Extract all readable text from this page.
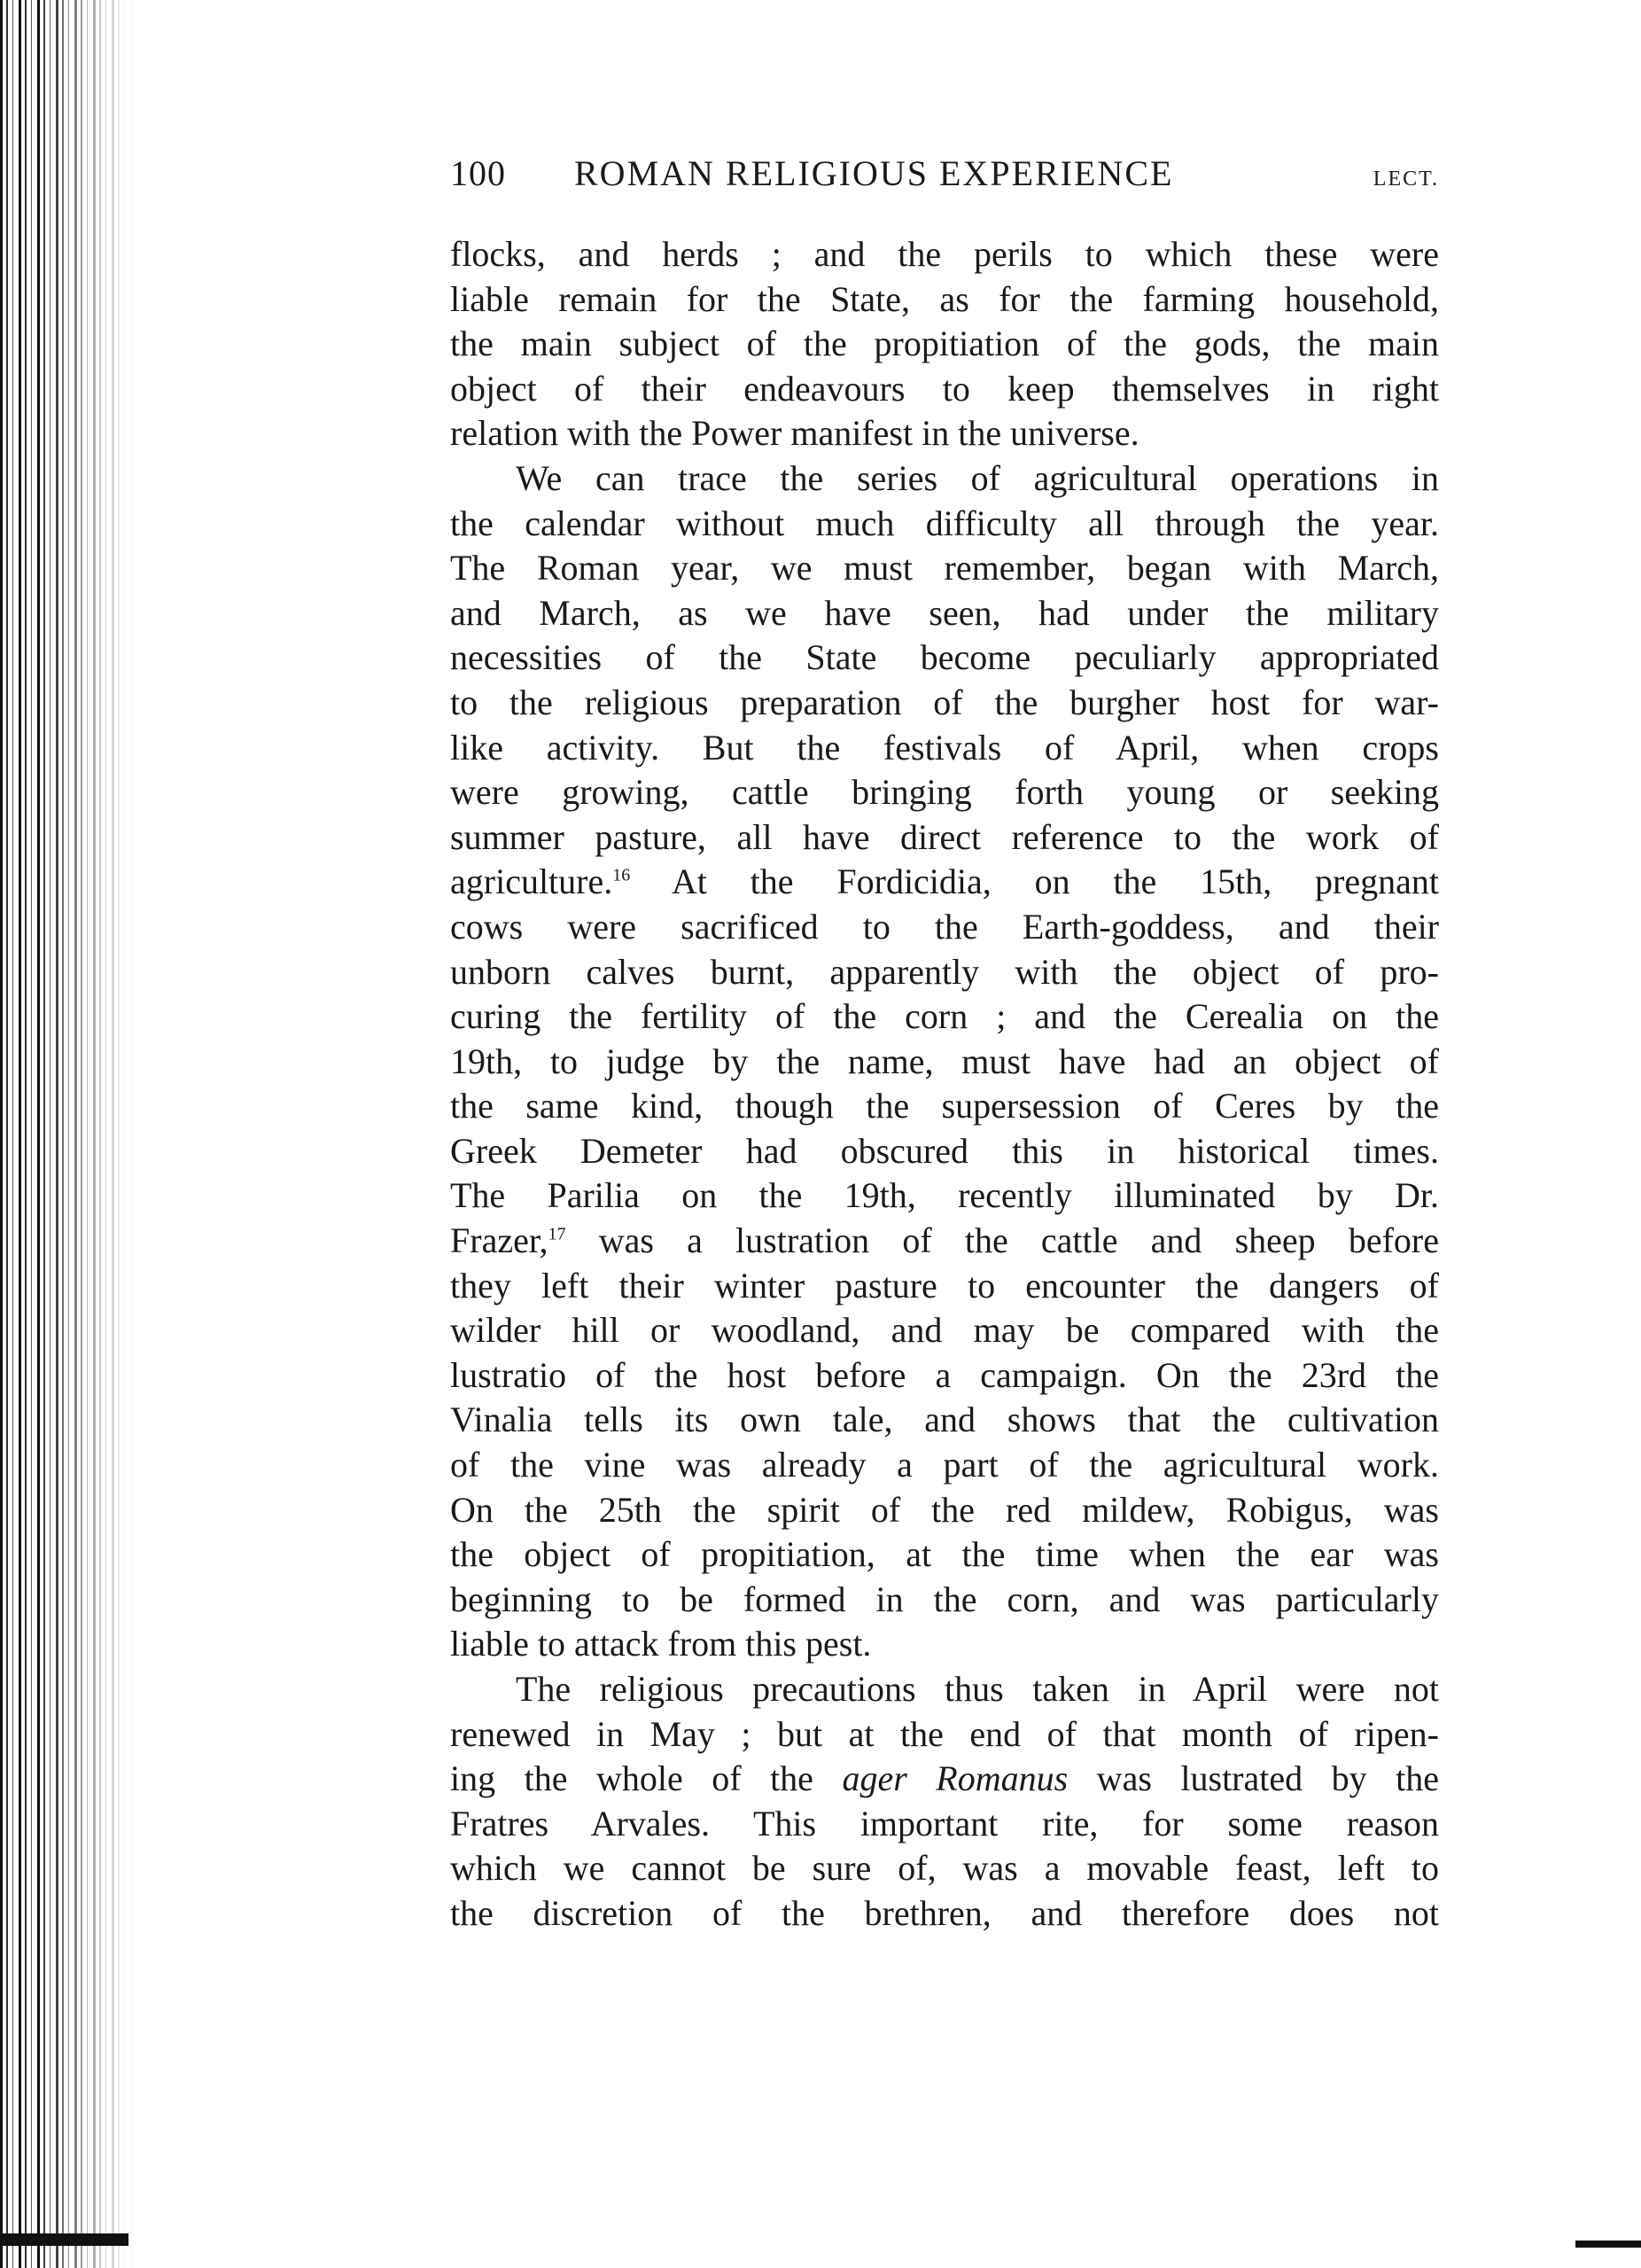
100	ROMAN RELIGIOUS EXPERIENCE	LECT.

flocks, and herds ; and the perils to which these were
liable remain for the State, as for the farming household,
the main subject of the propitiation of the gods, the main
object of their endeavours to keep themselves in right
relation with the Power manifest in the universe.

We can trace the series of agricultural operations in
the calendar without much difficulty all through the year.
The Roman year, we must remember, began with March,
and March, as we have seen, had under the military
necessities of the State become peculiarly appropriated
to the religious preparation of the burgher host for war-
like activity. But the festivals of April, when crops
were growing, cattle bringing forth young or seeking
summer pasture, all have direct reference to the work of
agriculture.$^{16}$ At the Fordicidia, on the 15th, pregnant
cows were sacrificed to the Earth-goddess, and their
unborn calves burnt, apparently with the object of pro-
curing the fertility of the corn ; and the Cerealia on the
19th, to judge by the name, must have had an object of
the same kind, though the supersession of Ceres by the
Greek Demeter had obscured this in historical times.
The Parilia on the 19th, recently illuminated by Dr.
Frazer,$^{17}$ was a lustration of the cattle and sheep before
they left their winter pasture to encounter the dangers of
wilder hill or woodland, and may be compared with the
lustratio of the host before a campaign. On the 23rd the
Vinalia tells its own tale, and shows that the cultivation
of the vine was already a part of the agricultural work.
On the 25th the spirit of the red mildew, Robigus, was
the object of propitiation, at the time when the ear was
beginning to be formed in the corn, and was particularly
liable to attack from this pest.

The religious precautions thus taken in April were not
renewed in May ; but at the end of that month of ripen-
ing the whole of the ager Romanus was lustrated by the
Fratres Arvales. This important rite, for some reason
which we cannot be sure of, was a movable feast, left to
the discretion of the brethren, and therefore does not
